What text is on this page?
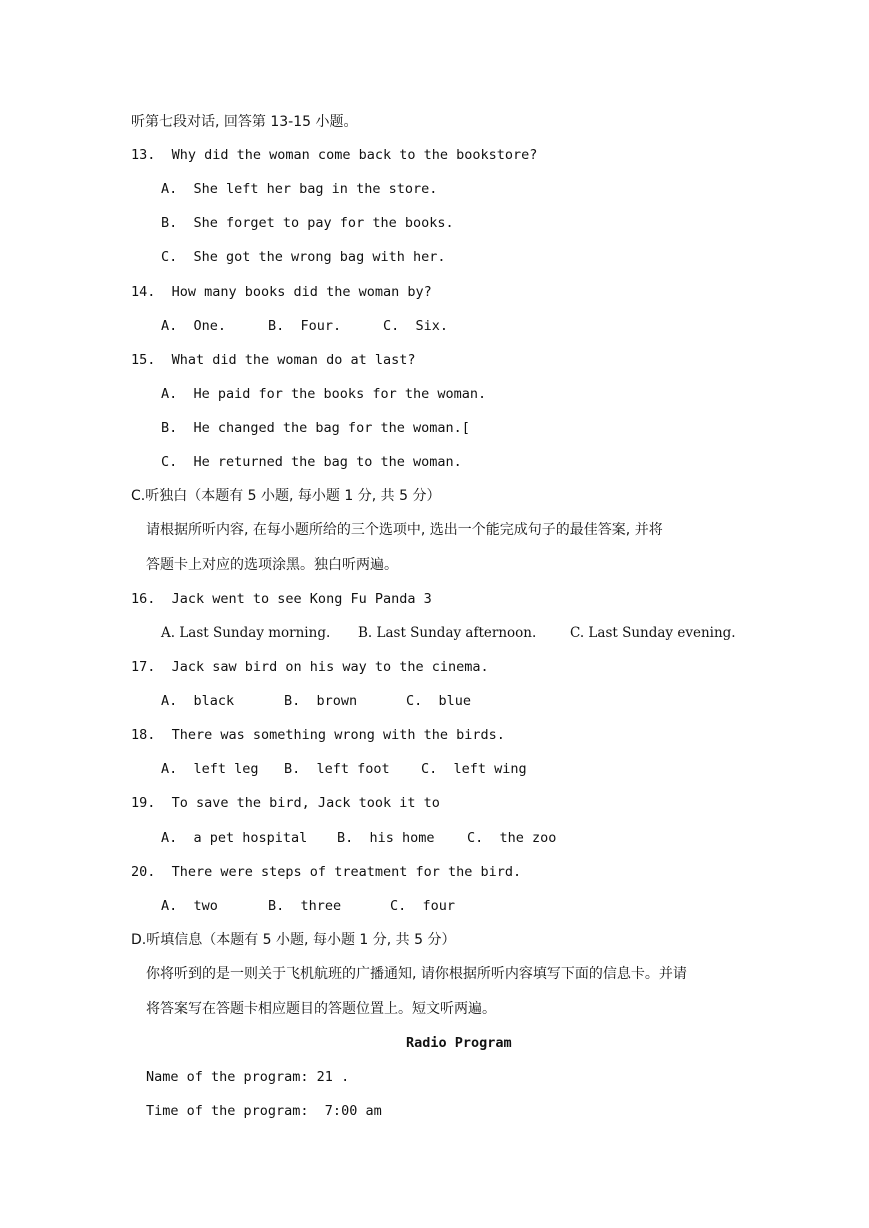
听第七段对话, 回答第 13-15 小题。
13.  Why did the woman come back to the bookstore?
A.  She left her bag in the store.
B.  She forget to pay for the books.
C.  She got the wrong bag with her.
14.  How many books did the woman by?
A.  One.	B.  Four.	C.  Six.
15.  What did the woman do at last?
A.  He paid for the books for the woman.
B.  He changed the bag for the woman.[
C.  He returned the bag to the woman.
C.听独白（本题有 5 小题, 每小题 1 分, 共 5 分）
请根据所听内容, 在每小题所给的三个选项中, 选出一个能完成句子的最佳答案, 并将
答题卡上对应的选项涂黑。独白听两遍。
16.  Jack went to see Kong Fu Panda 3
A. Last Sunday morning. B. Last Sunday afternoon. C. Last Sunday evening.
17.  Jack saw bird on his way to the cinema.
A.  black	B.  brown	C.  blue
18.  There was something wrong with the birds.
A.  left leg B.  left foot C.  left wing
19.  To save the bird, Jack took it to
A.  a pet hospital B.  his home C.  the zoo
20.  There were steps of treatment for the bird.
A.  two	B.  three	C.  four
D.听填信息（本题有 5 小题, 每小题 1 分, 共 5 分）
你将听到的是一则关于飞机航班的广播通知, 请你根据所听内容填写下面的信息卡。并请
将答案写在答题卡相应题目的答题位置上。短文听两遍。
Radio Program
Name of the program: 21 .
Time of the program:  7:00 am
